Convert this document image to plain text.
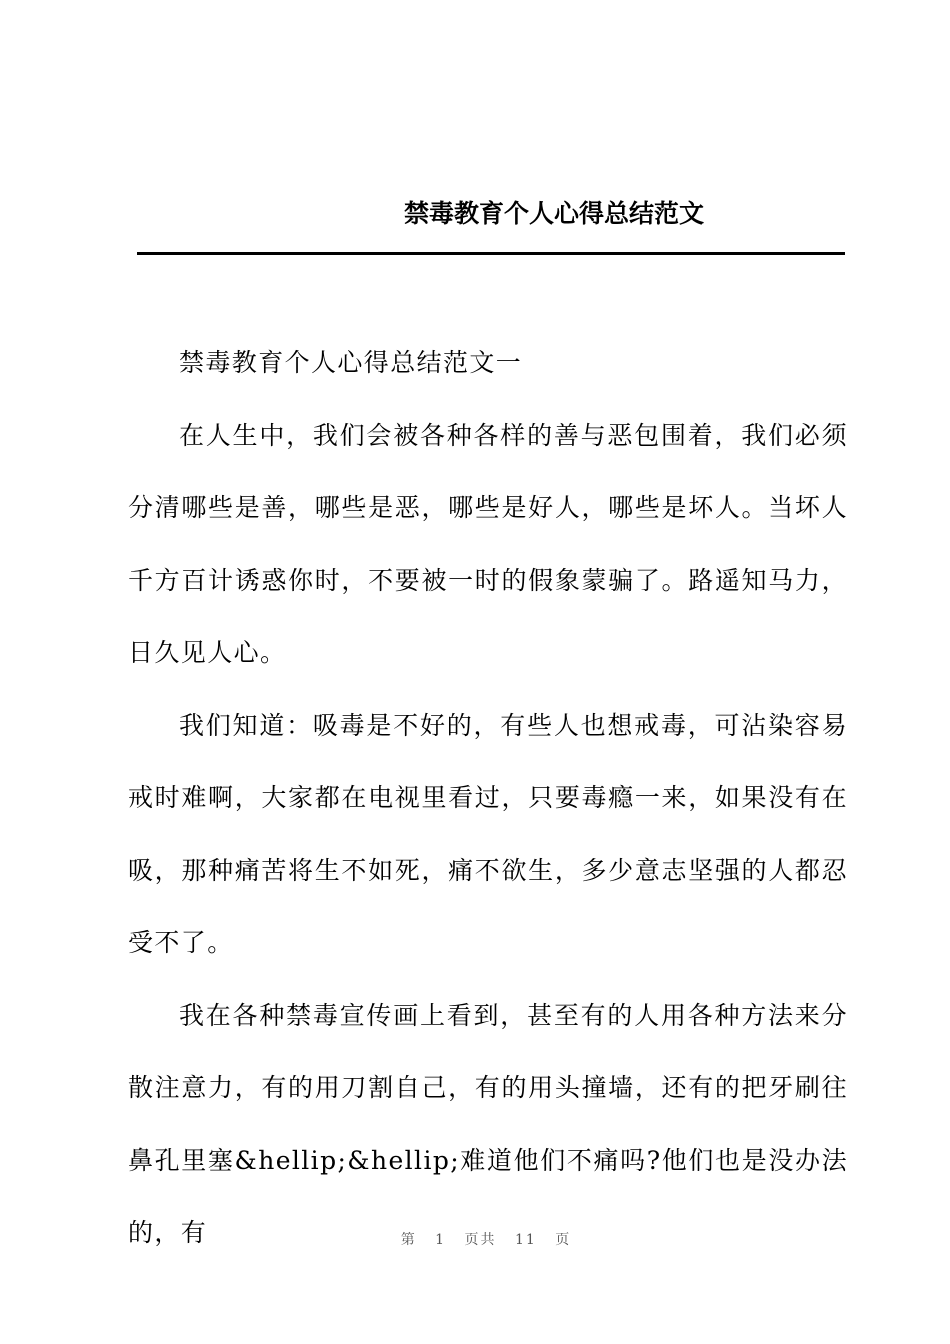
禁毒教育个人心得总结范文

禁毒教育个人心得总结范文一

在人生中，我们会被各种各样的善与恶包围着，我们必须分清哪些是善，哪些是恶，哪些是好人，哪些是坏人。当坏人千方百计诱惑你时，不要被一时的假象蒙骗了。路遥知马力，日久见人心。

我们知道：吸毒是不好的，有些人也想戒毒，可沾染容易戒时难啊，大家都在电视里看过，只要毒瘾一来，如果没有在吸，那种痛苦将生不如死，痛不欲生，多少意志坚强的人都忍受不了。

我在各种禁毒宣传画上看到，甚至有的人用各种方法来分散注意力，有的用刀割自己，有的用头撞墙，还有的把牙刷往鼻孔里塞&hellip;&hellip;难道他们不痛吗?他们也是没办法的，有	第 1 页共 11 页
